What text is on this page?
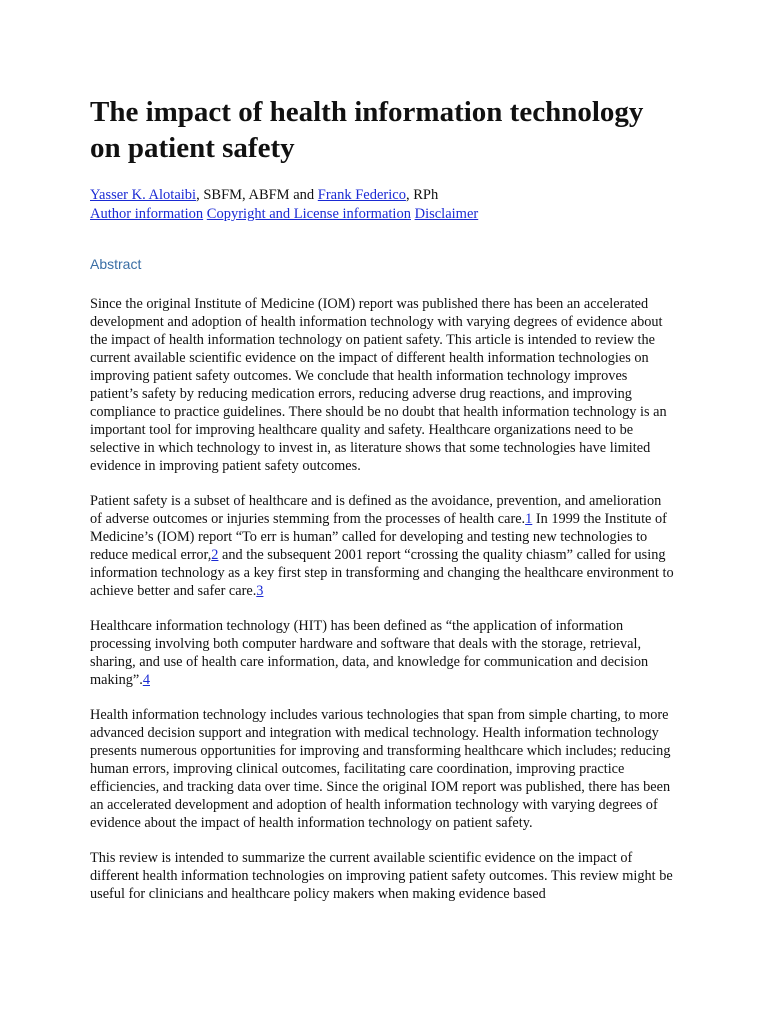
The impact of health information technology on patient safety
Yasser K. Alotaibi, SBFM, ABFM and Frank Federico, RPh
Author information Copyright and License information Disclaimer
Abstract

Since the original Institute of Medicine (IOM) report was published there has been an accelerated development and adoption of health information technology with varying degrees of evidence about the impact of health information technology on patient safety. This article is intended to review the current available scientific evidence on the impact of different health information technologies on improving patient safety outcomes. We conclude that health information technology improves patient’s safety by reducing medication errors, reducing adverse drug reactions, and improving compliance to practice guidelines. There should be no doubt that health information technology is an important tool for improving healthcare quality and safety. Healthcare organizations need to be selective in which technology to invest in, as literature shows that some technologies have limited evidence in improving patient safety outcomes.

Patient safety is a subset of healthcare and is defined as the avoidance, prevention, and amelioration of adverse outcomes or injuries stemming from the processes of health care.1 In 1999 the Institute of Medicine’s (IOM) report “To err is human” called for developing and testing new technologies to reduce medical error,2 and the subsequent 2001 report “crossing the quality chiasm” called for using information technology as a key first step in transforming and changing the healthcare environment to achieve better and safer care.3

Healthcare information technology (HIT) has been defined as “the application of information processing involving both computer hardware and software that deals with the storage, retrieval, sharing, and use of health care information, data, and knowledge for communication and decision making”.4

Health information technology includes various technologies that span from simple charting, to more advanced decision support and integration with medical technology. Health information technology presents numerous opportunities for improving and transforming healthcare which includes; reducing human errors, improving clinical outcomes, facilitating care coordination, improving practice efficiencies, and tracking data over time. Since the original IOM report was published, there has been an accelerated development and adoption of health information technology with varying degrees of evidence about the impact of health information technology on patient safety.

This review is intended to summarize the current available scientific evidence on the impact of different health information technologies on improving patient safety outcomes. This review might be useful for clinicians and healthcare policy makers when making evidence based
